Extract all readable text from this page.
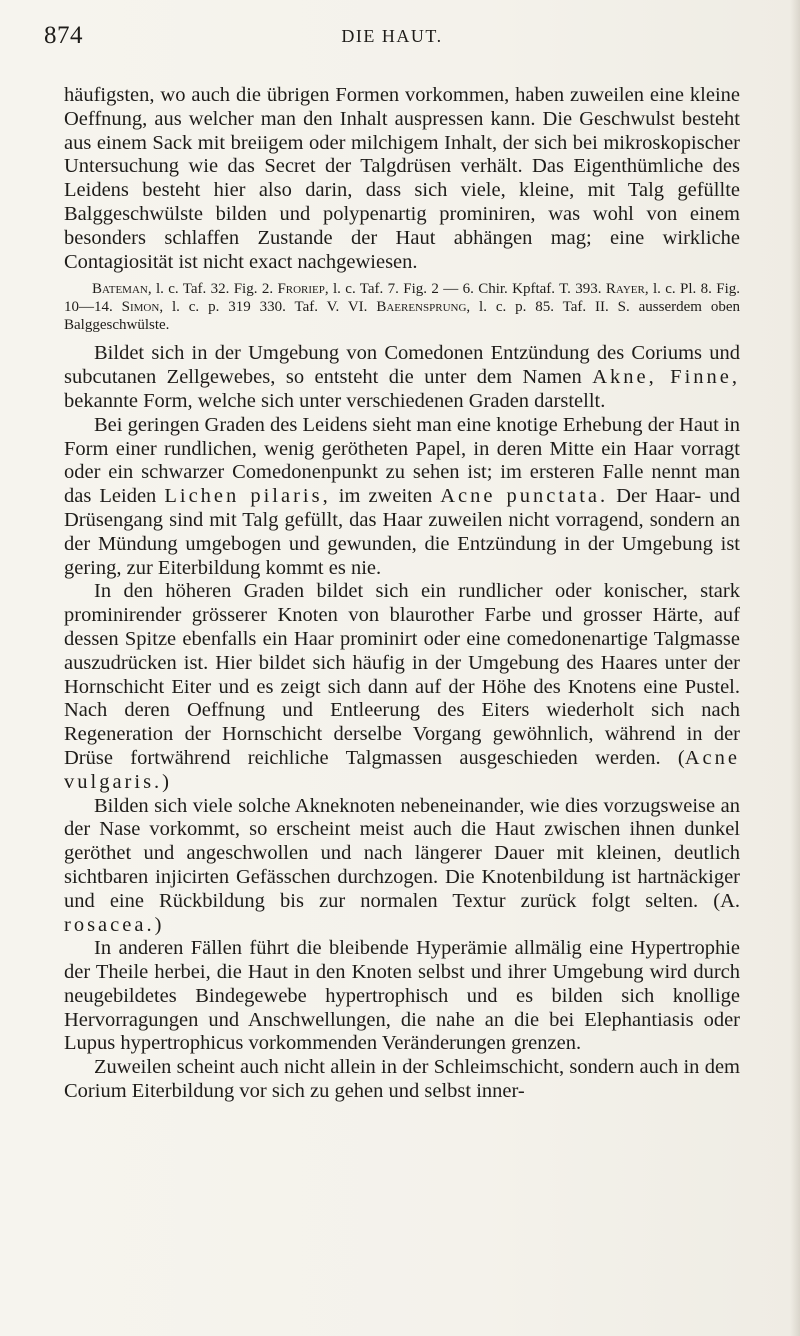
874	DIE HAUT.

häufigsten, wo auch die übrigen Formen vorkommen, haben zuweilen eine kleine Oeffnung, aus welcher man den Inhalt auspressen kann. Die Geschwulst besteht aus einem Sack mit breiigem oder milchigem Inhalt, der sich bei mikroskopischer Untersuchung wie das Secret der Talgdrüsen verhält. Das Eigenthümliche des Leidens besteht hier also darin, dass sich viele, kleine, mit Talg gefüllte Balggeschwülste bilden und polypenartig prominiren, was wohl von einem besonders schlaffen Zustande der Haut abhängen mag; eine wirkliche Contagiosität ist nicht exact nachgewiesen.

Bateman, l. c. Taf. 32. Fig. 2. Froriep, l. c. Taf. 7. Fig. 2 — 6. Chir. Kpftaf. T. 393. Rayer, l. c. Pl. 8. Fig. 10—14. Simon, l. c. p. 319 330. Taf. V. VI. Baerensprung, l. c. p. 85. Taf. II. S. ausserdem oben Balggeschwülste.

Bildet sich in der Umgebung von Comedonen Entzündung des Coriums und subcutanen Zellgewebes, so entsteht die unter dem Namen Akne, Finne, bekannte Form, welche sich unter verschiedenen Graden darstellt.

Bei geringen Graden des Leidens sieht man eine knotige Erhebung der Haut in Form einer rundlichen, wenig gerötheten Papel, in deren Mitte ein Haar vorragt oder ein schwarzer Comedonenpunkt zu sehen ist; im ersteren Falle nennt man das Leiden Lichen pilaris, im zweiten Acne punctata. Der Haar- und Drüsengang sind mit Talg gefüllt, das Haar zuweilen nicht vorragend, sondern an der Mündung umgebogen und gewunden, die Entzündung in der Umgebung ist gering, zur Eiterbildung kommt es nie.

In den höheren Graden bildet sich ein rundlicher oder konischer, stark prominirender grösserer Knoten von blaurother Farbe und grosser Härte, auf dessen Spitze ebenfalls ein Haar prominirt oder eine comedonenartige Talgmasse auszudrücken ist. Hier bildet sich häufig in der Umgebung des Haares unter der Hornschicht Eiter und es zeigt sich dann auf der Höhe des Knotens eine Pustel. Nach deren Oeffnung und Entleerung des Eiters wiederholt sich nach Regeneration der Hornschicht derselbe Vorgang gewöhnlich, während in der Drüse fortwährend reichliche Talgmassen ausgeschieden werden. (Acne vulgaris.)

Bilden sich viele solche Akneknoten nebeneinander, wie dies vorzugsweise an der Nase vorkommt, so erscheint meist auch die Haut zwischen ihnen dunkel geröthet und angeschwollen und nach längerer Dauer mit kleinen, deutlich sichtbaren injicirten Gefässchen durchzogen. Die Knotenbildung ist hartnäckiger und eine Rückbildung bis zur normalen Textur zurück folgt selten. (A. rosacea.)

In anderen Fällen führt die bleibende Hyperämie allmälig eine Hypertrophie der Theile herbei, die Haut in den Knoten selbst und ihrer Umgebung wird durch neugebildetes Bindegewebe hypertrophisch und es bilden sich knollige Hervorragungen und Anschwellungen, die nahe an die bei Elephantiasis oder Lupus hypertrophicus vorkommenden Veränderungen grenzen.

Zuweilen scheint auch nicht allein in der Schleimschicht, sondern auch in dem Corium Eiterbildung vor sich zu gehen und selbst inner-
